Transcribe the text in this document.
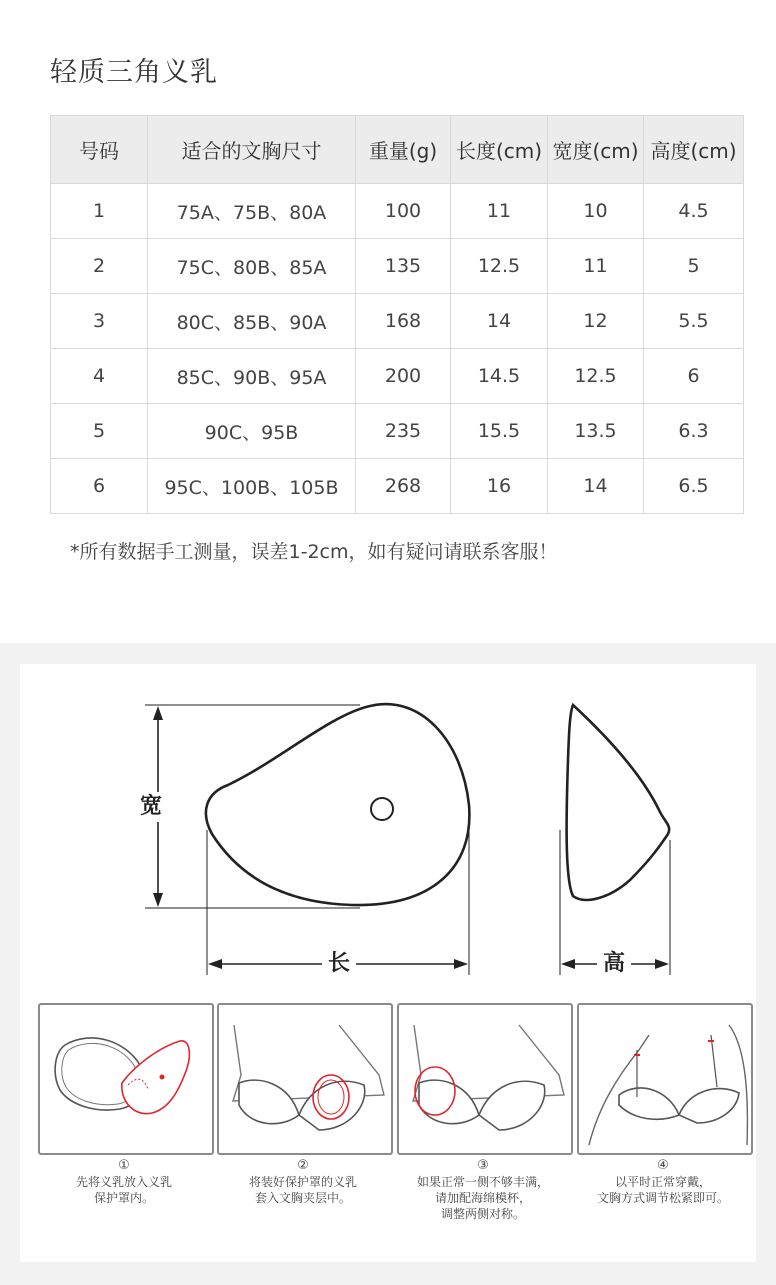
轻质三角义乳
号码	适合的文胸尺寸	重量(g)	长度(cm)	宽度(cm)	高度(cm)
1	75A、75B、80A	100	11	10	4.5
2	75C、80B、85A	135	12.5	11	5
3	80C、85B、90A	168	14	12	5.5
4	85C、90B、95A	200	14.5	12.5	6
5	90C、95B	235	15.5	13.5	6.3
6	95C、100B、105B	268	16	14	6.5
*所有数据手工测量，误差1-2cm，如有疑问请联系客服！
宽
长	高
①
先将义乳放入义乳
保护罩内。
②
将装好保护罩的义乳
套入文胸夹层中。
③
如果正常一侧不够丰满，
请加配海绵模杯，
调整两侧对称。
④
以平时正常穿戴，
文胸方式调节松紧即可。
